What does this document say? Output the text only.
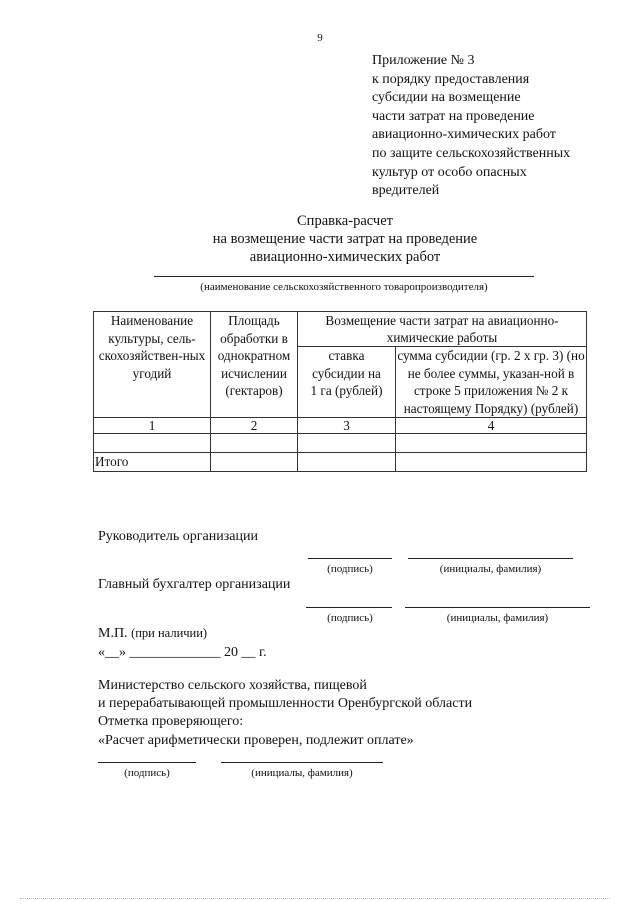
9
Приложение № 3
к порядку предоставления
субсидии на возмещение
части затрат на проведение
авиационно-химических работ
по защите сельскохозяйственных
культур от особо опасных
вредителей
Справка-расчет
на возмещение части затрат на проведение
авиационно-химических работ
(наименование сельскохозяйственного товаропроизводителя)
Наименование культуры, сель-скохозяйствен-ных угодий	Площадь обработки в однократном исчислении (гектаров)	Возмещение части затрат на авиационно-химические работы	
		ставка субсидии на 1 га (рублей)	сумма субсидии (гр. 2 х гр. 3) (но не более суммы, указан-ной в строке 5 приложения № 2 к настоящему Порядку) (рублей)
1	2	3	4

Итого			
Руководитель организации
(подпись)	(инициалы, фамилия)
Главный бухгалтер организации
(подпись)	(инициалы, фамилия)
М.П. (при наличии)
«__» _____________ 20 __ г.
Министерство сельского хозяйства, пищевой
и перерабатывающей промышленности Оренбургской области
Отметка проверяющего:
«Расчет арифметически проверен, подлежит оплате»
(подпись)	(инициалы, фамилия)
